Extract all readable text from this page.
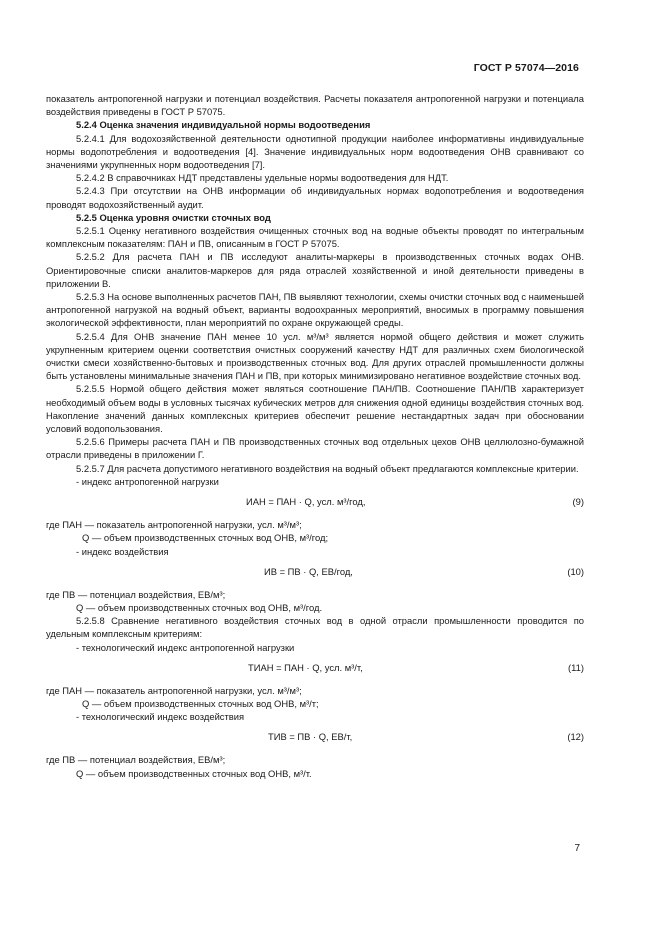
ГОСТ Р 57074—2016

показатель антропогенной нагрузки и потенциал воздействия. Расчеты показателя антропогенной нагрузки и потенциала воздействия приведены в ГОСТ Р 57075.

5.2.4 Оценка значения индивидуальной нормы водоотведения

5.2.4.1 Для водохозяйственной деятельности однотипной продукции наиболее информативны индивидуальные нормы водопотребления и водоотведения [4]. Значение индивидуальных норм водоотведения ОНВ сравнивают со значениями укрупненных норм водоотведения [7].

5.2.4.2 В справочниках НДТ представлены удельные нормы водоотведения для НДТ.

5.2.4.3 При отсутствии на ОНВ информации об индивидуальных нормах водопотребления и водоотведения проводят водохозяйственный аудит.

5.2.5 Оценка уровня очистки сточных вод

5.2.5.1 Оценку негативного воздействия очищенных сточных вод на водные объекты проводят по интегральным комплексным показателям: ПАН и ПВ, описанным в ГОСТ Р 57075.

5.2.5.2 Для расчета ПАН и ПВ исследуют аналиты-маркеры в производственных сточных водах ОНВ. Ориентировочные списки аналитов-маркеров для ряда отраслей хозяйственной и иной деятельности приведены в приложении В.

5.2.5.3 На основе выполненных расчетов ПАН, ПВ выявляют технологии, схемы очистки сточных вод с наименьшей антропогенной нагрузкой на водный объект, варианты водоохранных мероприятий, вносимых в программу повышения экологической эффективности, план мероприятий по охране окружающей среды.

5.2.5.4 Для ОНВ значение ПАН менее 10 усл. м³/м³ является нормой общего действия и может служить укрупненным критерием оценки соответствия очистных сооружений качеству НДТ для различных схем биологической очистки смеси хозяйственно-бытовых и производственных сточных вод. Для других отраслей промышленности должны быть установлены минимальные значения ПАН и ПВ, при которых минимизировано негативное воздействие сточных вод.

5.2.5.5 Нормой общего действия может являться соотношение ПАН/ПВ. Соотношение ПАН/ПВ характеризует необходимый объем воды в условных тысячах кубических метров для снижения одной единицы воздействия сточных вод. Накопление значений данных комплексных критериев обеспечит решение нестандартных задач при обосновании условий водопользования.

5.2.5.6 Примеры расчета ПАН и ПВ производственных сточных вод отдельных цехов ОНВ целлюлозно-бумажной отрасли приведены в приложении Г.

5.2.5.7 Для расчета допустимого негативного воздействия на водный объект предлагаются комплексные критерии.

- индекс антропогенной нагрузки

ИАН = ПАН · Q, усл. м³/год,	(9)

где ПАН — показатель антропогенной нагрузки, усл. м³/м³;

Q — объем производственных сточных вод ОНВ, м³/год;

- индекс воздействия

ИВ = ПВ · Q, ЕВ/год,	(10)

где ПВ — потенциал воздействия, ЕВ/м³;

Q — объем производственных сточных вод ОНВ, м³/год.

5.2.5.8 Сравнение негативного воздействия сточных вод в одной отрасли промышленности проводится по удельным комплексным критериям:

- технологический индекс антропогенной нагрузки

ТИАН = ПАН · Q, усл. м³/т,	(11)

где ПАН — показатель антропогенной нагрузки, усл. м³/м³;

Q — объем производственных сточных вод ОНВ, м³/т;

- технологический индекс воздействия

ТИВ = ПВ · Q, ЕВ/т,	(12)

где ПВ — потенциал воздействия, ЕВ/м³;

Q — объем производственных сточных вод ОНВ, м³/т.

7
